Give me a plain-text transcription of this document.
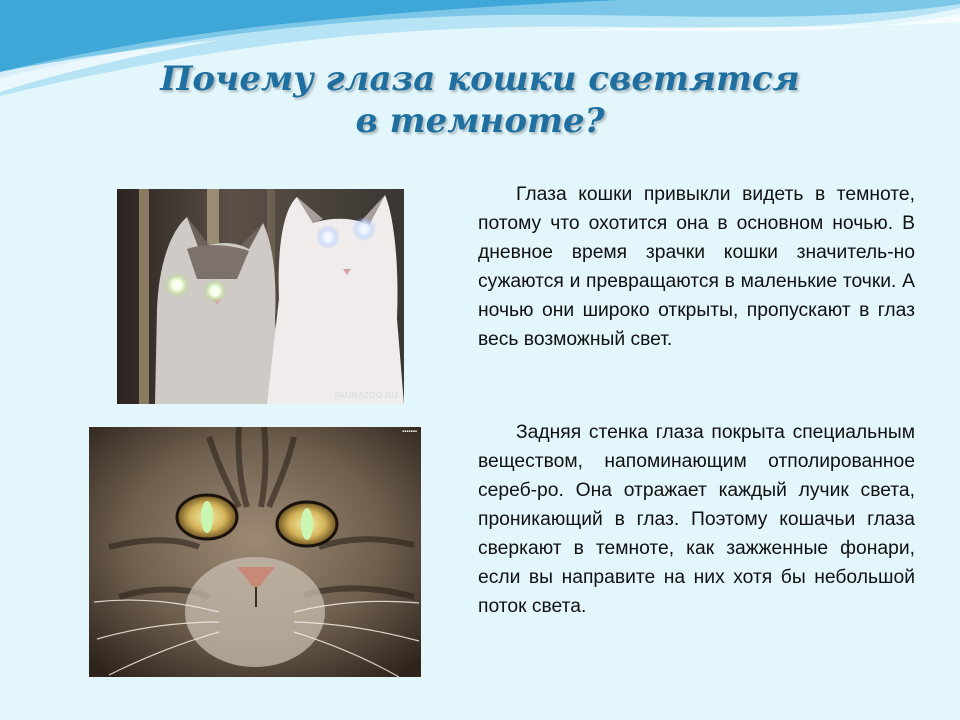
Почему глаза кошки светятся
в темноте?
FAUNAZOO.RU
▪▪▪▪▪▪▪

Глаза кошки привыкли видеть в темноте, потому что охотится она в основном ночью. В дневное время зрачки кошки значитель-но сужаются и превращаются в маленькие точки. А ночью они широко открыты, пропускают в глаз весь возможный свет.

Задняя стенка глаза покрыта специальным веществом, напоминающим отполированное сереб-ро. Она отражает каждый лучик света, проникающий в глаз. Поэтому кошачьи глаза сверкают в темноте, как зажженные фонари, если вы направите на них хотя бы небольшой поток света.
